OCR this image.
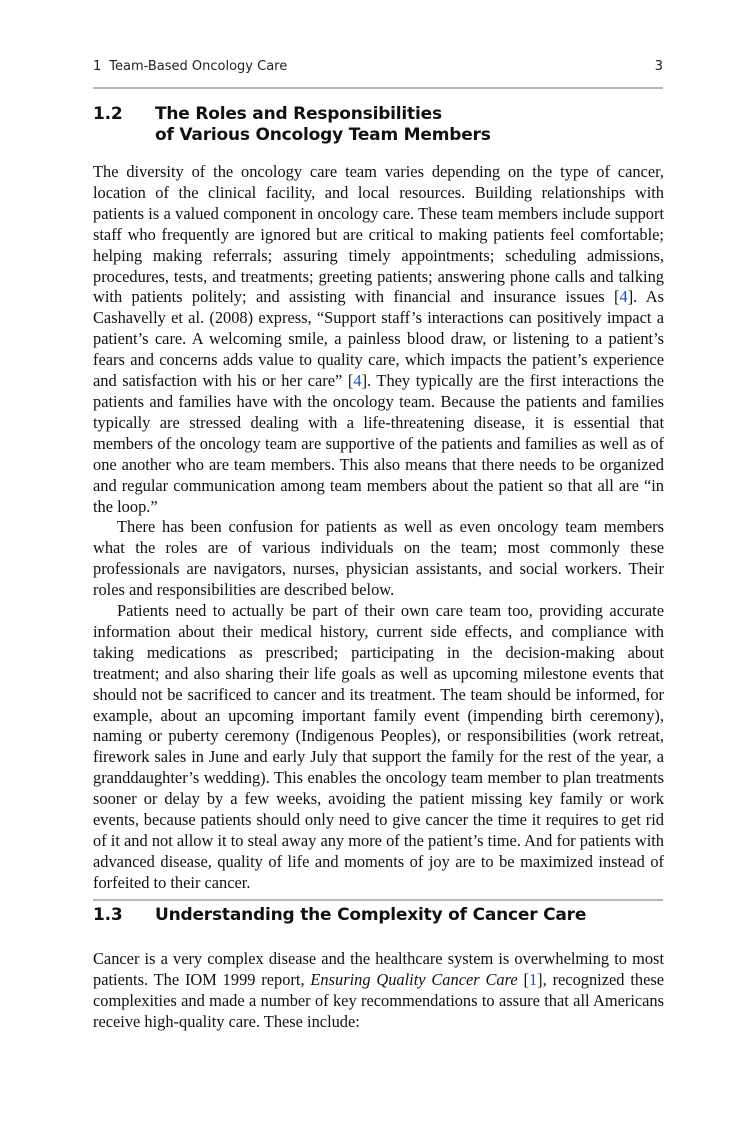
1 Team-Based Oncology Care	3
1.2 The Roles and Responsibilities
of Various Oncology Team Members

The diversity of the oncology care team varies depending on the type of cancer, location of the clinical facility, and local resources. Building relationships with patients is a valued component in oncology care. These team members include support staff who frequently are ignored but are critical to making patients feel comfortable; helping making referrals; assuring timely appointments; scheduling admissions, procedures, tests, and treatments; greeting patients; answering phone calls and talking with patients politely; and assisting with financial and insurance issues [4]. As Cashavelly et al. (2008) express, “Support staff’s interactions can positively impact a patient’s care. A welcoming smile, a painless blood draw, or listening to a patient’s fears and concerns adds value to quality care, which impacts the patient’s experience and satisfaction with his or her care” [4]. They typically are the first interactions the patients and families have with the oncology team. Because the patients and families typically are stressed dealing with a life-threatening disease, it is essential that members of the oncology team are supportive of the patients and families as well as of one another who are team members. This also means that there needs to be organized and regular communication among team members about the patient so that all are “in the loop.”

There has been confusion for patients as well as even oncology team members what the roles are of various individuals on the team; most commonly these professionals are navigators, nurses, physician assistants, and social workers. Their roles and responsibilities are described below.

Patients need to actually be part of their own care team too, providing accurate information about their medical history, current side effects, and compliance with taking medications as prescribed; participating in the decision-making about treatment; and also sharing their life goals as well as upcoming milestone events that should not be sacrificed to cancer and its treatment. The team should be informed, for example, about an upcoming important family event (impending birth ceremony), naming or puberty ceremony (Indigenous Peoples), or responsibilities (work retreat, firework sales in June and early July that support the family for the rest of the year, a granddaughter’s wedding). This enables the oncology team member to plan treatments sooner or delay by a few weeks, avoiding the patient missing key family or work events, because patients should only need to give cancer the time it requires to get rid of it and not allow it to steal away any more of the patient’s time. And for patients with advanced disease, quality of life and moments of joy are to be maximized instead of forfeited to their cancer.

1.3 Understanding the Complexity of Cancer Care

Cancer is a very complex disease and the healthcare system is overwhelming to most patients. The IOM 1999 report, Ensuring Quality Cancer Care [1], recognized these complexities and made a number of key recommendations to assure that all Americans receive high-quality care. These include:
